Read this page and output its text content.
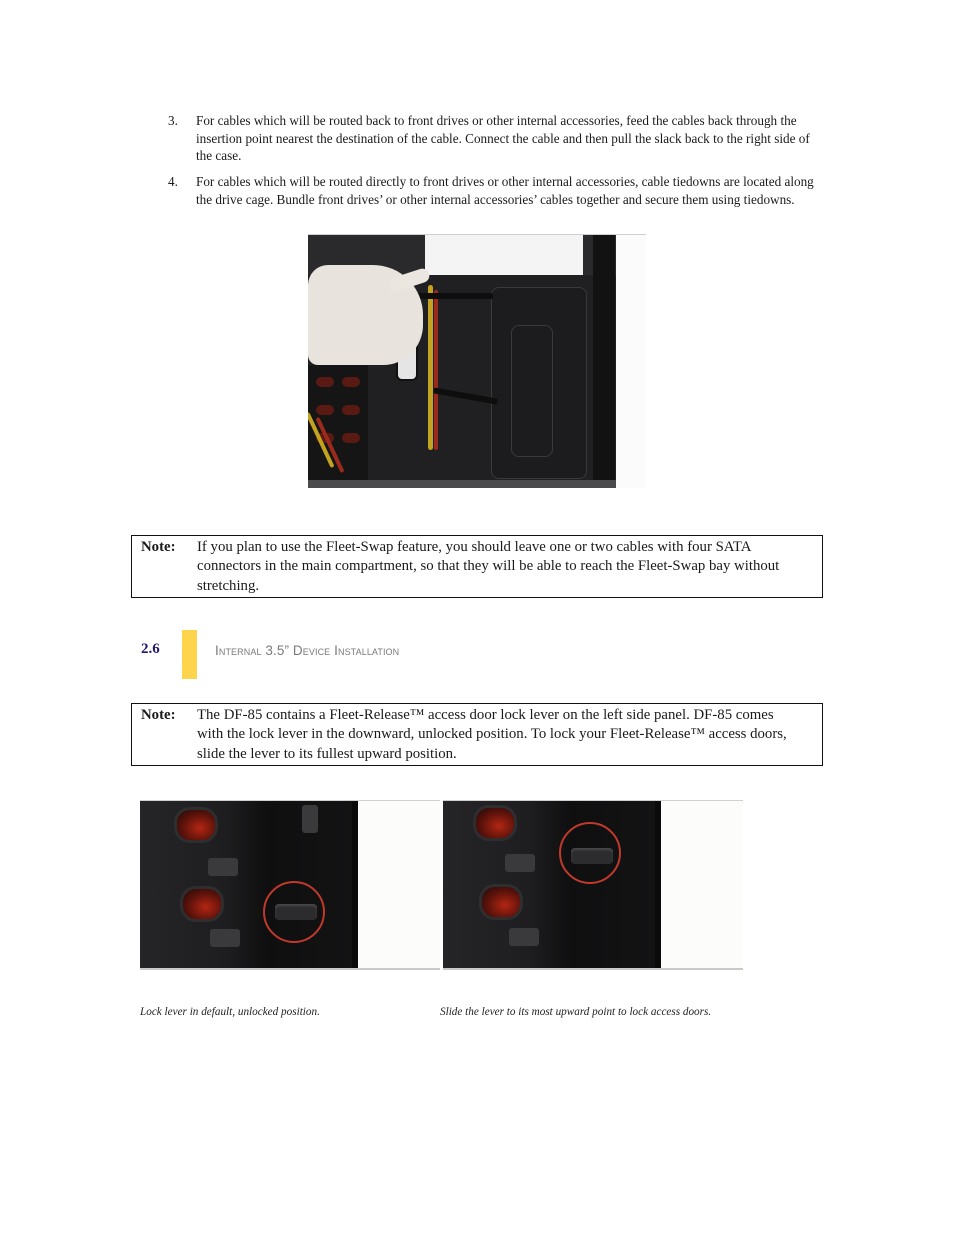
3.	For cables which will be routed back to front drives or other internal accessories, feed the cables back through the insertion point nearest the destination of the cable. Connect the cable and then pull the slack back to the right side of the case.
4.	For cables which will be routed directly to front drives or other internal accessories, cable tiedowns are located along the drive cage. Bundle front drives’ or other internal accessories’ cables together and secure them using tiedowns.
Note: If you plan to use the Fleet-Swap feature, you should leave one or two cables with four SATA connectors in the main compartment, so that they will be able to reach the Fleet-Swap bay without stretching.
2.6	Internal 3.5” Device Installation
Note: The DF-85 contains a Fleet-Release™ access door lock lever on the left side panel. DF-85 comes with the lock lever in the downward, unlocked position. To lock your Fleet-Release™ access doors, slide the lever to its fullest upward position.
Lock lever in default, unlocked position.	Slide the lever to its most upward point to lock access doors.
